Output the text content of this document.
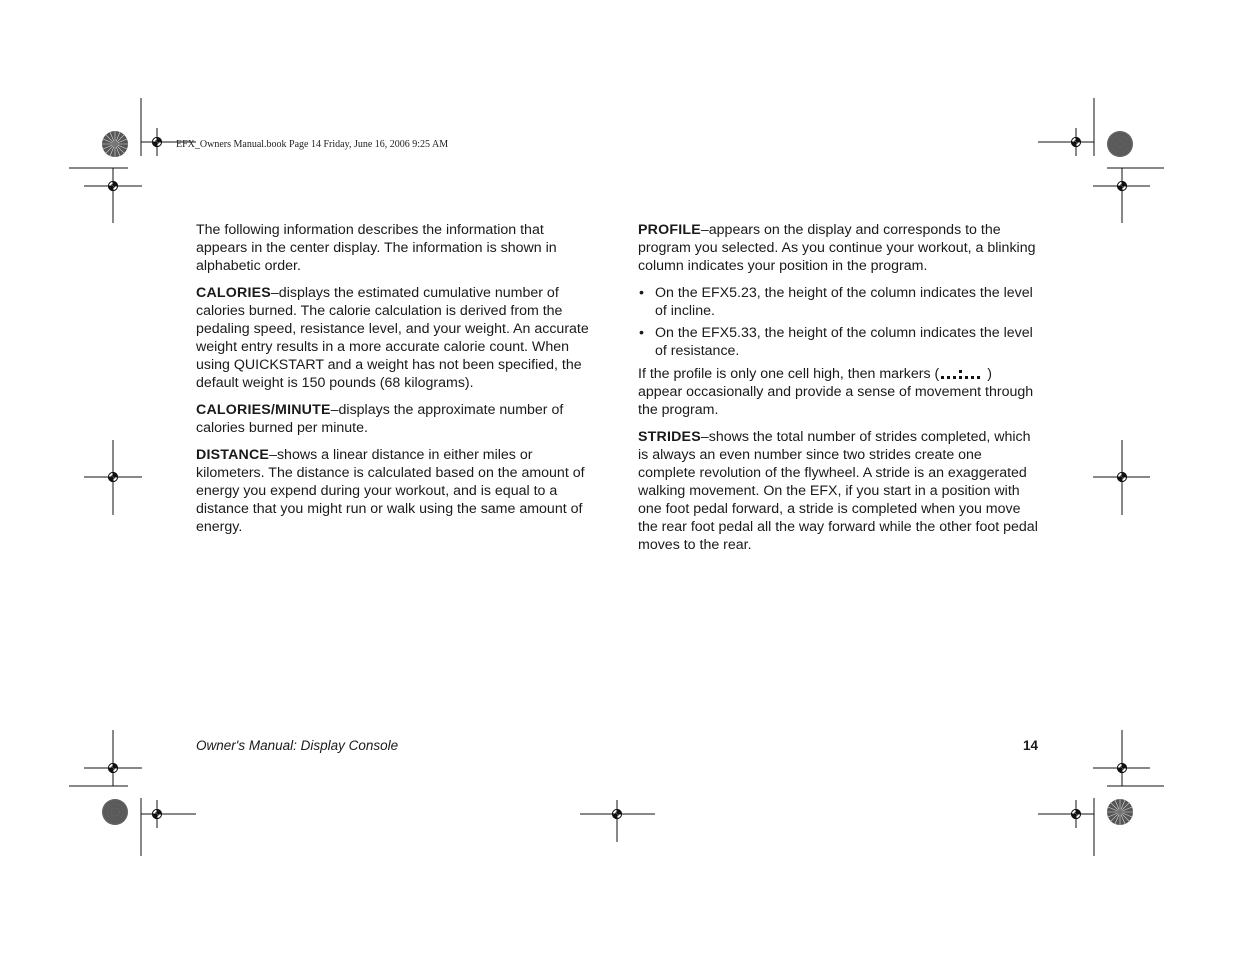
EFX_Owners Manual.book Page 14 Friday, June 16, 2006 9:25 AM

The following information describes the information that appears in the center display. The information is shown in alphabetic order.

CALORIES–displays the estimated cumulative number of calories burned. The calorie calculation is derived from the pedaling speed, resistance level, and your weight. An accurate weight entry results in a more accurate calorie count. When using QUICKSTART and a weight has not been specified, the default weight is 150 pounds (68 kilograms).

CALORIES/MINUTE–displays the approximate number of calories burned per minute.

DISTANCE–shows a linear distance in either miles or kilometers. The distance is calculated based on the amount of energy you expend during your workout, and is equal to a distance that you might run or walk using the same amount of energy.

PROFILE–appears on the display and corresponds to the program you selected. As you continue your workout, a blinking column indicates your position in the program.

• On the EFX5.23, the height of the column indicates the level of incline.
• On the EFX5.33, the height of the column indicates the level of resistance.

If the profile is only one cell high, then markers (	) appear occasionally and provide a sense of movement through the program.

STRIDES–shows the total number of strides completed, which is always an even number since two strides create one complete revolution of the flywheel. A stride is an exaggerated walking movement. On the EFX, if you start in a position with one foot pedal forward, a stride is completed when you move the rear foot pedal all the way forward while the other foot pedal moves to the rear.

Owner's Manual: Display Console	14
